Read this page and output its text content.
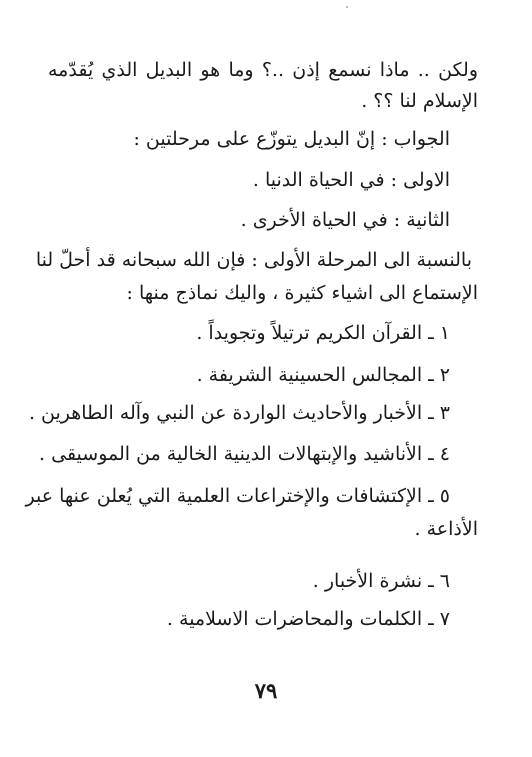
ولكن .. ماذا نسمع إذن ..؟ وما هو البديل الذي يُقدّمه
الإسلام لنا ؟؟ .
الجواب : إنّ البديل يتوزّع على مرحلتين :
الاولى : في الحياة الدنيا .
الثانية : في الحياة الأخرى .
بالنسبة الى المرحلة الأولى : فإن الله سبحانه قد أحلّ لنا
الإستماع الى اشياء كثيرة ، واليك نماذج منها :
١ ـ القرآن الكريم ترتيلاً وتجويداً .
٢ ـ المجالس الحسينية الشريفة .
٣ ـ الأخبار والأحاديث الواردة عن النبي وآله الطاهرين .
٤ ـ الأناشيد والإبتهالات الدينية الخالية من الموسيقى .
٥ ـ الإكتشافات والإختراعات العلمية التي يُعلن عنها عبر
الأذاعة .
٦ ـ نشرة الأخبار .
٧ ـ الكلمات والمحاضرات الاسلامية .
٧٩
